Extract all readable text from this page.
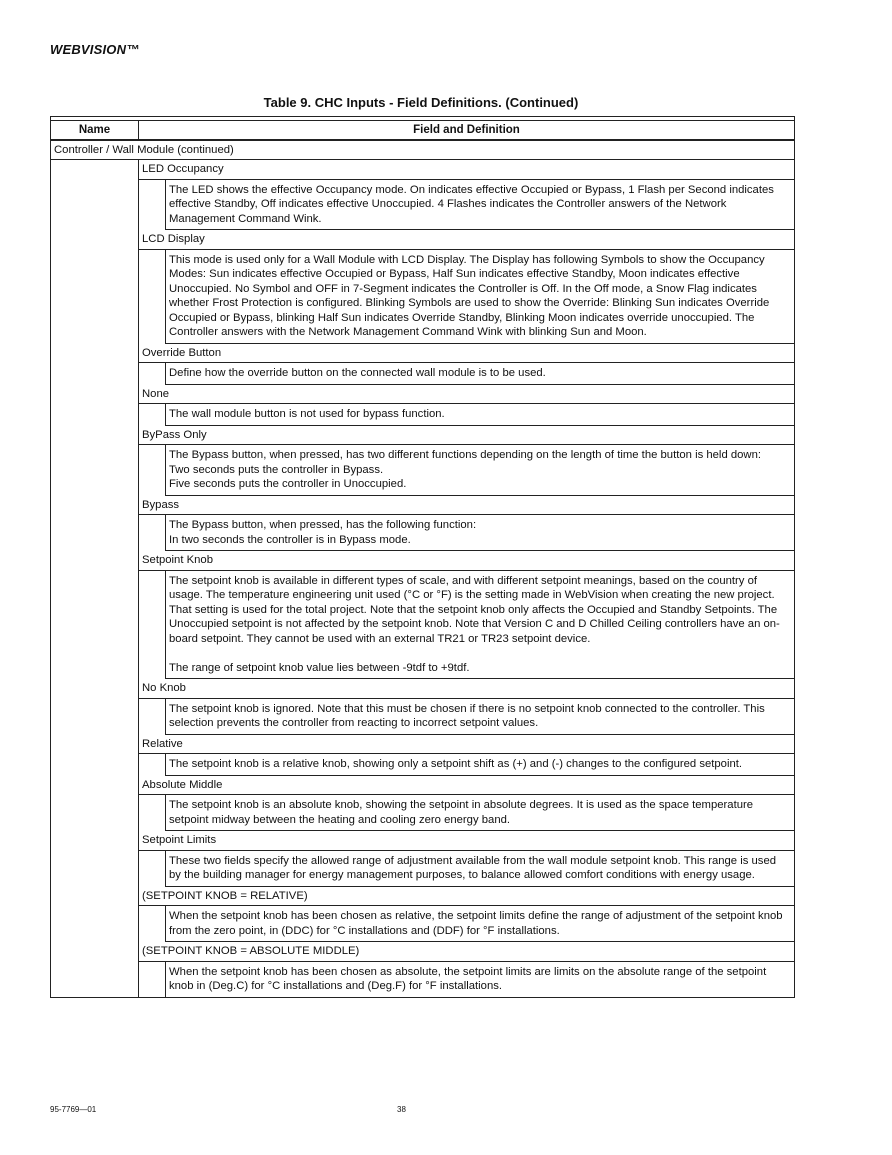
WEBVISION™
Table 9. CHC Inputs - Field Definitions. (Continued)
Name	Field and Definition
Controller / Wall Module (continued)
LED Occupancy
The LED shows the effective Occupancy mode. On indicates effective Occupied or Bypass, 1 Flash per Second indicates effective Standby, Off indicates effective Unoccupied. 4 Flashes indicates the Controller answers of the Network Management Command Wink.
LCD Display
This mode is used only for a Wall Module with LCD Display. The Display has following Symbols to show the Occupancy Modes: Sun indicates effective Occupied or Bypass, Half Sun indicates effective Standby, Moon indicates effective Unoccupied. No Symbol and OFF in 7-Segment indicates the Controller is Off. In the Off mode, a Snow Flag indicates whether Frost Protection is configured. Blinking Symbols are used to show the Override: Blinking Sun indicates Override Occupied or Bypass, blinking Half Sun indicates Override Standby, Blinking Moon indicates override unoccupied. The Controller answers with the Network Management Command Wink with blinking Sun and Moon.
Override Button
Define how the override button on the connected wall module is to be used.
None
The wall module button is not used for bypass function.
ByPass Only
The Bypass button, when pressed, has two different functions depending on the length of time the button is held down:
Two seconds puts the controller in Bypass.
Five seconds puts the controller in Unoccupied.
Bypass
The Bypass button, when pressed, has the following function:
In two seconds the controller is in Bypass mode.
Setpoint Knob
The setpoint knob is available in different types of scale, and with different setpoint meanings, based on the country of usage. The temperature engineering unit used (°C or °F) is the setting made in WebVision when creating the new project. That setting is used for the total project. Note that the setpoint knob only affects the Occupied and Standby Setpoints. The Unoccupied setpoint is not affected by the setpoint knob. Note that Version C and D Chilled Ceiling controllers have an on-board setpoint. They cannot be used with an external TR21 or TR23 setpoint device.

The range of setpoint knob value lies between -9tdf to +9tdf.
No Knob
The setpoint knob is ignored. Note that this must be chosen if there is no setpoint knob connected to the controller. This selection prevents the controller from reacting to incorrect setpoint values.
Relative
The setpoint knob is a relative knob, showing only a setpoint shift as (+) and (-) changes to the configured setpoint.
Absolute Middle
The setpoint knob is an absolute knob, showing the setpoint in absolute degrees. It is used as the space temperature setpoint midway between the heating and cooling zero energy band.
Setpoint Limits
These two fields specify the allowed range of adjustment available from the wall module setpoint knob. This range is used by the building manager for energy management purposes, to balance allowed comfort conditions with energy usage.
(SETPOINT KNOB = RELATIVE)
When the setpoint knob has been chosen as relative, the setpoint limits define the range of adjustment of the setpoint knob from the zero point, in (DDC) for °C installations and (DDF) for °F installations.
(SETPOINT KNOB = ABSOLUTE MIDDLE)
When the setpoint knob has been chosen as absolute, the setpoint limits are limits on the absolute range of the setpoint knob in (Deg.C) for °C installations and (Deg.F) for °F installations.
95-7769—01	38
